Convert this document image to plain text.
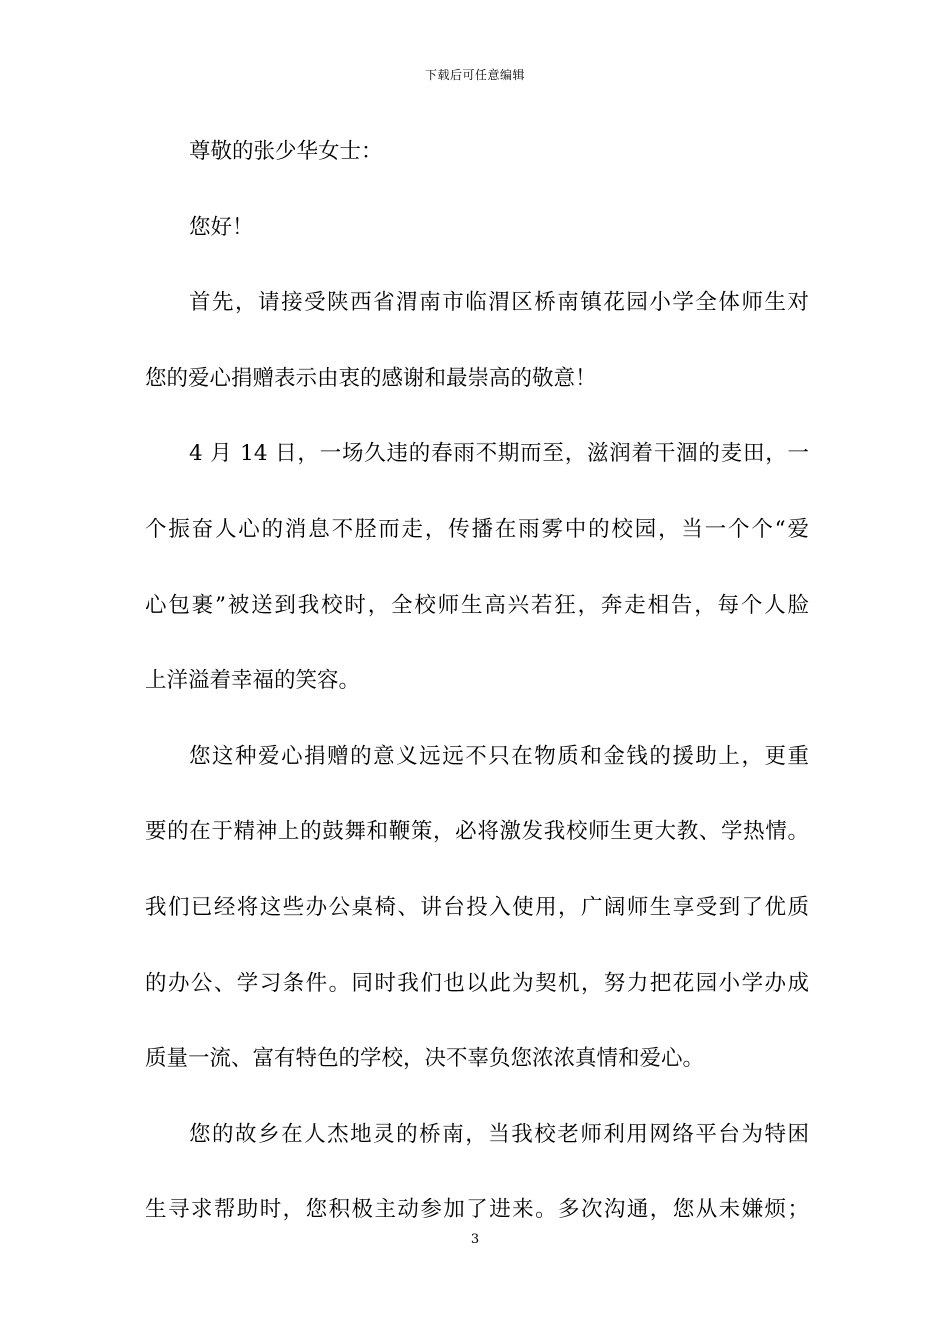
下载后可任意编辑
尊敬的张少华女士：
您好！
首先，请接受陕西省渭南市临渭区桥南镇花园小学全体师生对
您的爱心捐赠表示由衷的感谢和最崇高的敬意！
4 月 14 日，一场久违的春雨不期而至，滋润着干涸的麦田，一
个振奋人心的消息不胫而走，传播在雨雾中的校园，当一个个“爱
心包裹”被送到我校时，全校师生高兴若狂，奔走相告，每个人脸
上洋溢着幸福的笑容。
您这种爱心捐赠的意义远远不只在物质和金钱的援助上，更重
要的在于精神上的鼓舞和鞭策，必将激发我校师生更大教、学热情。
我们已经将这些办公桌椅、讲台投入使用，广阔师生享受到了优质
的办公、学习条件。同时我们也以此为契机，努力把花园小学办成
质量一流、富有特色的学校，决不辜负您浓浓真情和爱心。
您的故乡在人杰地灵的桥南，当我校老师利用网络平台为特困
生寻求帮助时，您积极主动参加了进来。多次沟通，您从未嫌烦；
3
